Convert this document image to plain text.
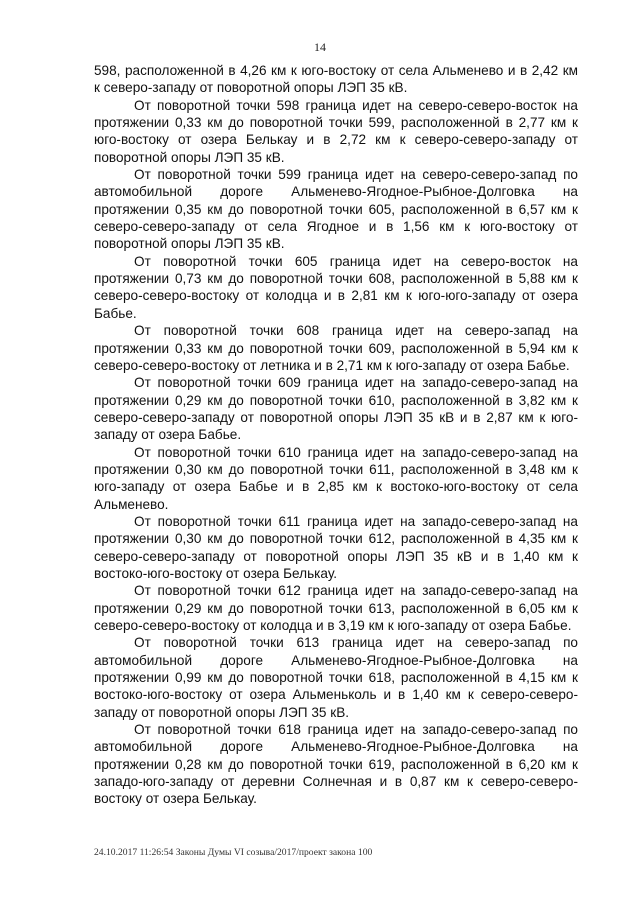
14

598, расположенной в 4,26 км к юго-востоку от села Альменево и в 2,42 км к северо-западу от поворотной опоры ЛЭП 35 кВ.

От поворотной точки 598 граница идет на северо-северо-восток на протяжении 0,33 км до поворотной точки 599, расположенной в 2,77 км к юго-востоку от озера Белькау и в 2,72 км к северо-северо-западу от поворотной опоры ЛЭП 35 кВ.

От поворотной точки 599 граница идет на северо-северо-запад по автомобильной дороге Альменево-Ягодное-Рыбное-Долговка на протяжении 0,35 км до поворотной точки 605, расположенной в 6,57 км к северо-северо-западу от села Ягодное и в 1,56 км к юго-востоку от поворотной опоры ЛЭП 35 кВ.

От поворотной точки 605 граница идет на северо-восток на протяжении 0,73 км до поворотной точки 608, расположенной в 5,88 км к северо-северо-востоку от колодца и в 2,81 км к юго-юго-западу от озера Бабье.

От поворотной точки 608 граница идет на северо-запад на протяжении 0,33 км до поворотной точки 609, расположенной в 5,94 км к северо-северо-востоку от летника и в 2,71 км к юго-западу от озера Бабье.

От поворотной точки 609 граница идет на западо-северо-запад на протяжении 0,29 км до поворотной точки 610, расположенной в 3,82 км к северо-северо-западу от поворотной опоры ЛЭП 35 кВ и в 2,87 км к юго-западу от озера Бабье.

От поворотной точки 610 граница идет на западо-северо-запад на протяжении 0,30 км до поворотной точки 611, расположенной в 3,48 км к юго-западу от озера Бабье и в 2,85 км к востоко-юго-востоку от села Альменево.

От поворотной точки 611 граница идет на западо-северо-запад на протяжении 0,30 км до поворотной точки 612, расположенной в 4,35 км к северо-северо-западу от поворотной опоры ЛЭП 35 кВ и в 1,40 км к востоко-юго-востоку от озера Белькау.

От поворотной точки 612 граница идет на западо-северо-запад на протяжении 0,29 км до поворотной точки 613, расположенной в 6,05 км к северо-северо-востоку от колодца и в 3,19 км к юго-западу от озера Бабье.

От поворотной точки 613 граница идет на северо-запад по автомобильной дороге Альменево-Ягодное-Рыбное-Долговка на протяжении 0,99 км до поворотной точки 618, расположенной в 4,15 км к востоко-юго-востоку от озера Альменьколь и в 1,40 км к северо-северо-западу от поворотной опоры ЛЭП 35 кВ.

От поворотной точки 618 граница идет на западо-северо-запад по автомобильной дороге Альменево-Ягодное-Рыбное-Долговка на протяжении 0,28 км до поворотной точки 619, расположенной в 6,20 км к западо-юго-западу от деревни Солнечная и в 0,87 км к северо-северо-востоку от озера Белькау.

24.10.2017 11:26:54 Законы Думы VI созыва/2017/проект закона 100
